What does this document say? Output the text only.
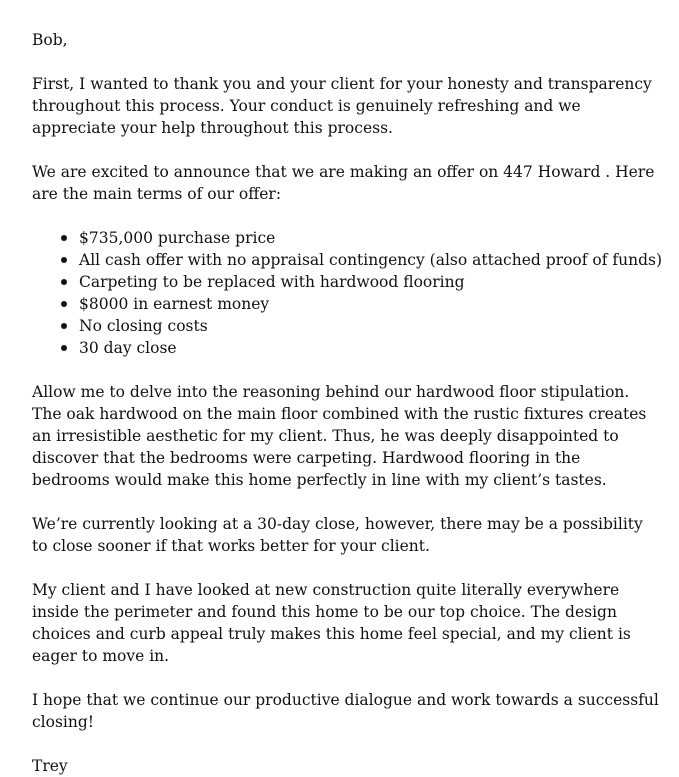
Bob,

First, I wanted to thank you and your client for your honesty and transparency throughout this process. Your conduct is genuinely refreshing and we appreciate your help throughout this process.

We are excited to announce that we are making an offer on 447 Howard . Here are the main terms of our offer:

$735,000 purchase price
All cash offer with no appraisal contingency (also attached proof of funds)
Carpeting to be replaced with hardwood flooring
$8000 in earnest money
No closing costs
30 day close

Allow me to delve into the reasoning behind our hardwood floor stipulation. The oak hardwood on the main floor combined with the rustic fixtures creates an irresistible aesthetic for my client. Thus, he was deeply disappointed to discover that the bedrooms were carpeting. Hardwood flooring in the bedrooms would make this home perfectly in line with my client’s tastes.

We’re currently looking at a 30-day close, however, there may be a possibility to close sooner if that works better for your client.

My client and I have looked at new construction quite literally everywhere inside the perimeter and found this home to be our top choice. The design choices and curb appeal truly makes this home feel special, and my client is eager to move in.

I hope that we continue our productive dialogue and work towards a successful closing!

Trey
